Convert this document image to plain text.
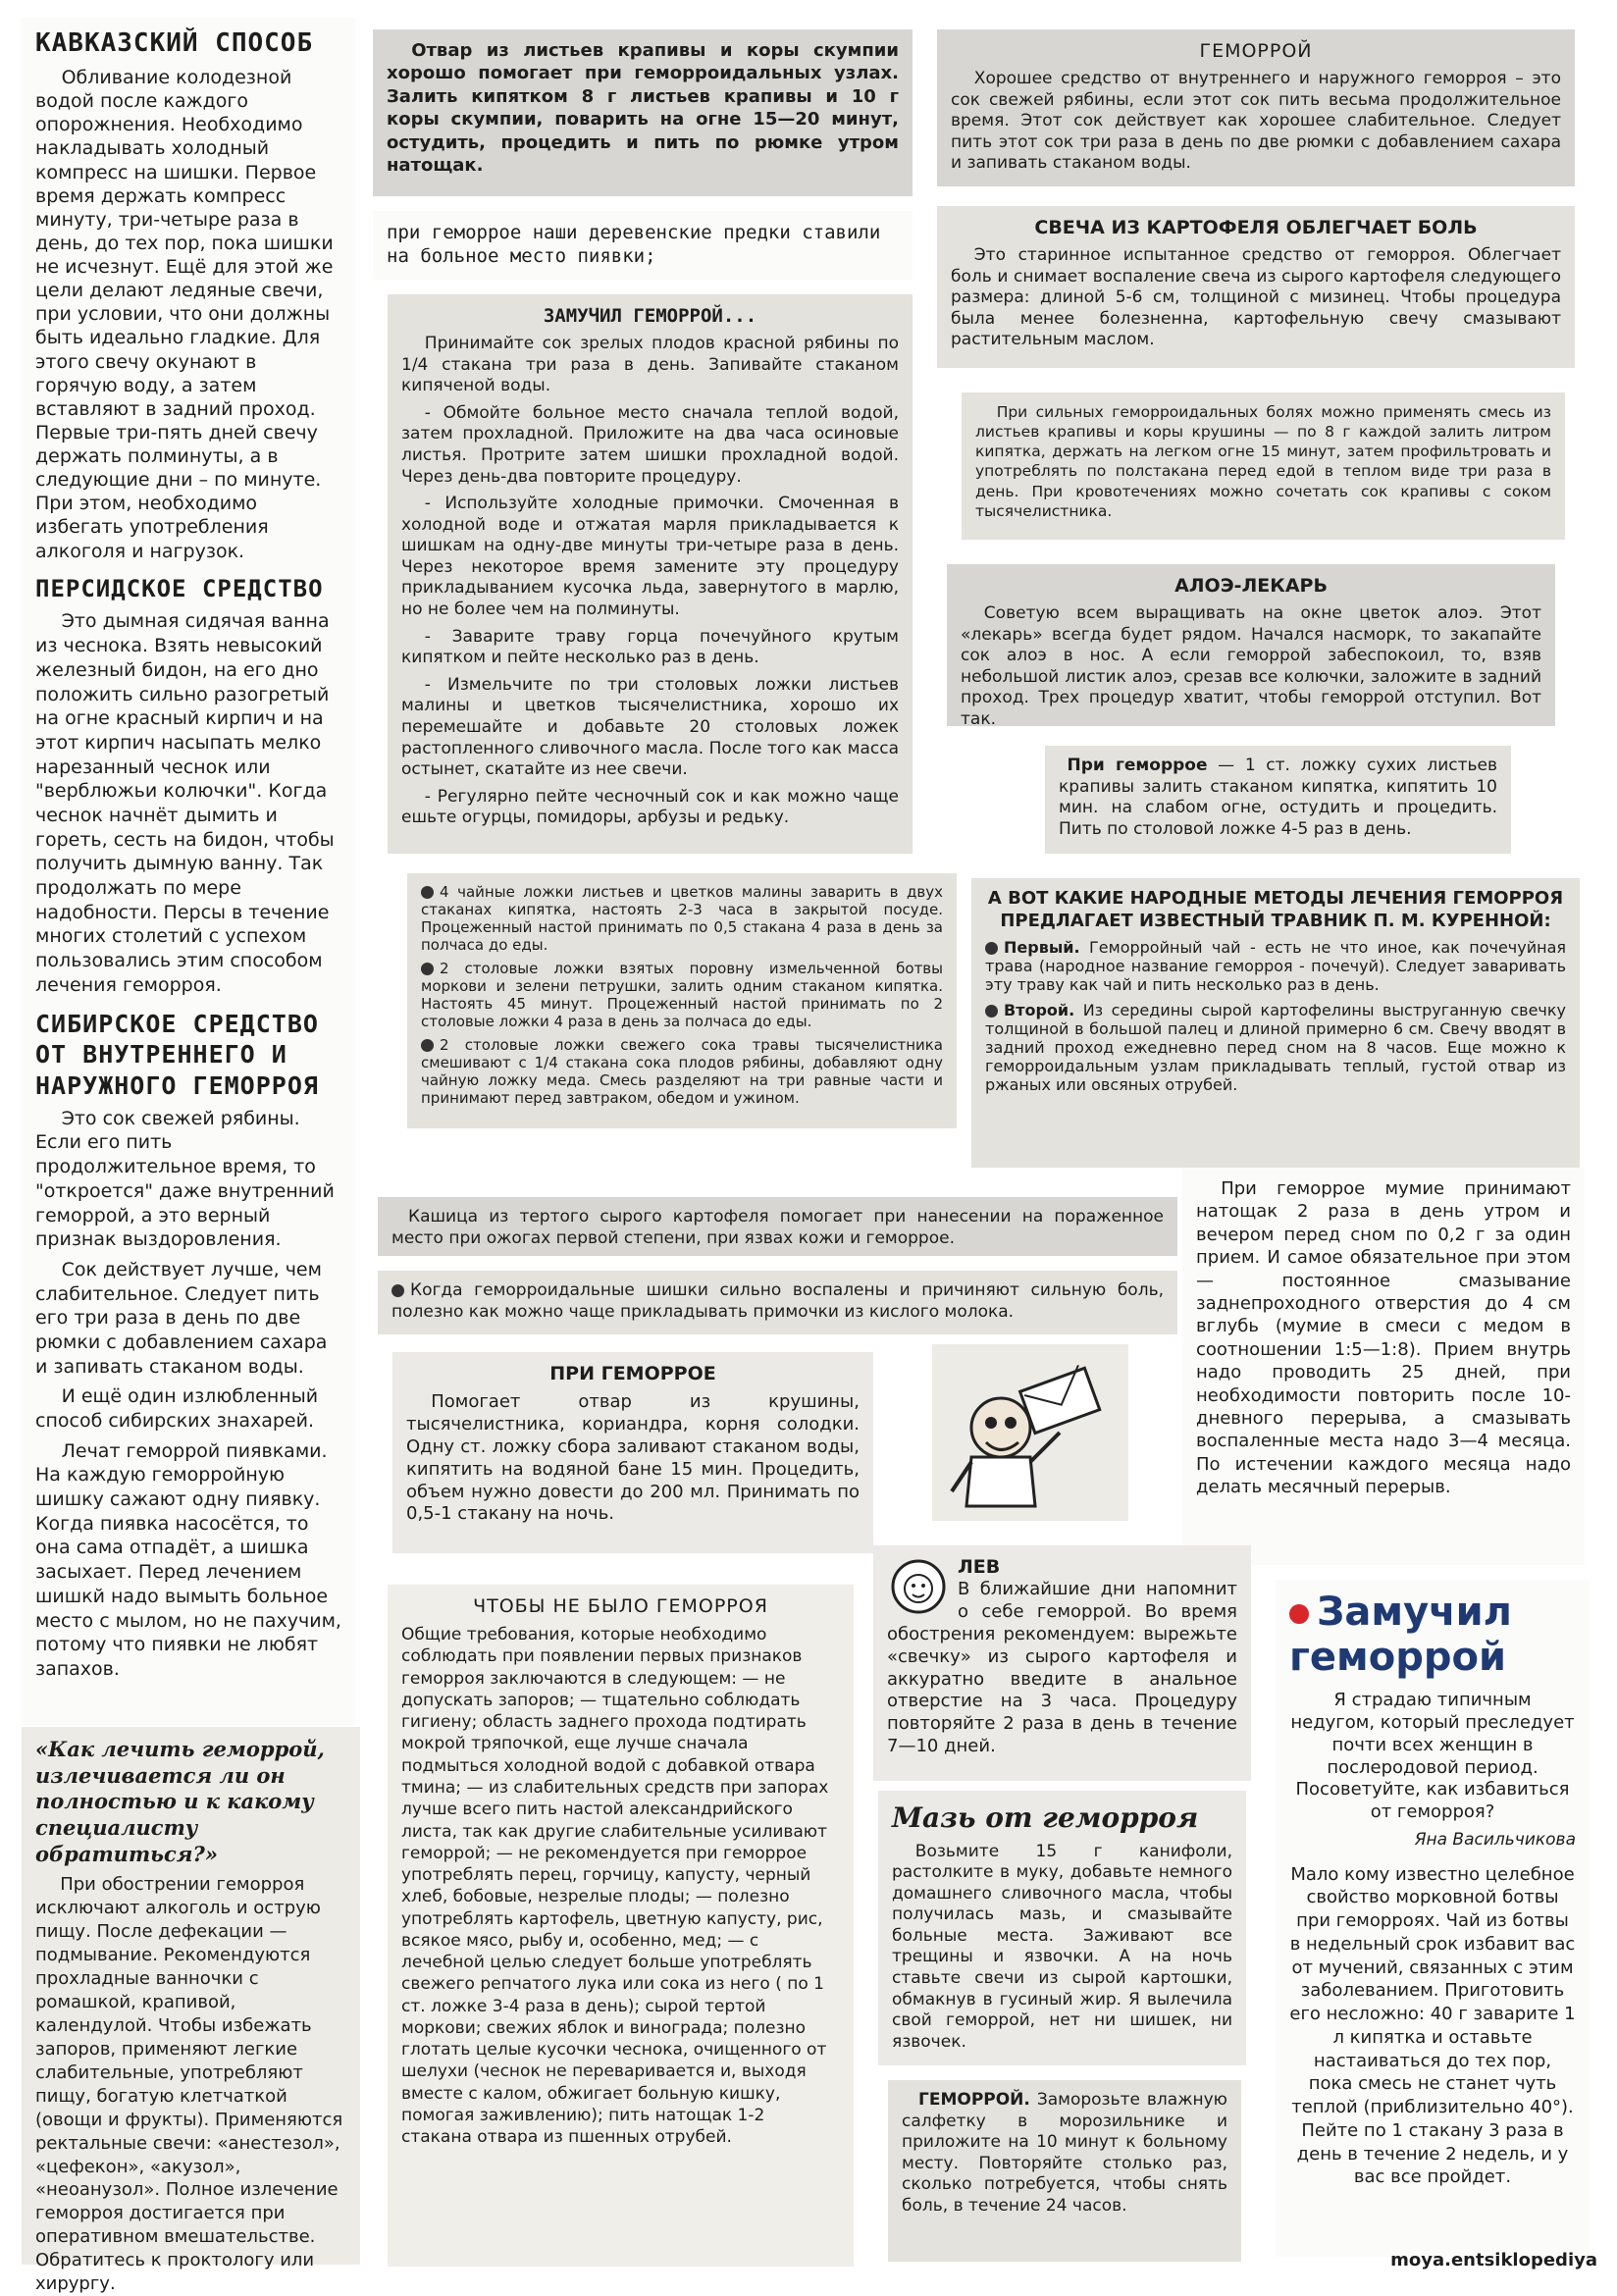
КАВКАЗСКИЙ СПОСОБ

Обливание колодезной водой после каждого опорожнения. Необходимо накладывать холодный компресс на шишки. Первое время держать компресс минуту, три-четыре раза в день, до тех пор, пока шишки не исчезнут. Ещё для этой же цели делают ледяные свечи, при условии, что они должны быть идеально гладкие. Для этого свечу окунают в горячую воду, а затем вставляют в задний проход. Первые три-пять дней свечу держать полминуты, а в следующие дни – по минуте. При этом, необходимо избегать употребления алкоголя и нагрузок.

ПЕРСИДСКОЕ СРЕДСТВО

Это дымная сидячая ванна из чеснока. Взять невысокий железный бидон, на его дно положить сильно разогретый на огне красный кирпич и на этот кирпич насыпать мелко нарезанный чеснок или "верблюжьи колючки". Когда чеснок начнёт дымить и гореть, сесть на бидон, чтобы получить дымную ванну. Так продолжать по мере надобности. Персы в течение многих столетий с успехом пользовались этим способом лечения геморроя.

СИБИРСКОЕ СРЕДСТВО ОТ ВНУТРЕННЕГО И НАРУЖНОГО ГЕМОРРОЯ

Это сок свежей рябины. Если его пить продолжительное время, то "откроется" даже внутренний геморрой, а это верный признак выздоровления.

Сок действует лучше, чем слабительное. Следует пить его три раза в день по две рюмки с добавлением сахара и запивать стаканом воды.

И ещё один излюбленный способ сибирских знахарей.

Лечат геморрой пиявками. На каждую геморройную шишку сажают одну пиявку. Когда пиявка насосётся, то она сама отпадёт, а шишка засыхает. Перед лечением шишкй надо вымыть больное место с мылом, но не пахучим, потому что пиявки не любят запахов.

«Как лечить геморрой, излечивается ли он полностью и к какому специалисту обратиться?»

При обострении геморроя исключают алкоголь и острую пищу. После дефекации — подмывание. Рекомендуются прохладные ванночки с ромашкой, крапивой, календулой. Чтобы избежать запоров, применяют легкие слабительные, употребляют пищу, богатую клетчаткой (овощи и фрукты). Применяются ректальные свечи: «анестезол», «цефекон», «акузол», «неоанузол». Полное излечение геморроя достигается при оперативном вмешательстве. Обратитесь к проктологу или хирургу.

Отвар из листьев крапивы и коры скумпии хорошо помогает при геморроидальных узлах. Залить кипятком 8 г листьев крапивы и 10 г коры скумпии, поварить на огне 15—20 минут, остудить, процедить и пить по рюмке утром натощак.

при геморрое наши деревенские предки ставили на больное место пиявки;

ЗАМУЧИЛ ГЕМОРРОЙ...

Принимайте сок зрелых плодов красной рябины по 1/4 стакана три раза в день. Запивайте стаканом кипяченой воды.

- Обмойте больное место сначала теплой водой, затем прохладной. Приложите на два часа осиновые листья. Протрите затем шишки прохладной водой. Через день-два повторите процедуру.

- Используйте холодные примочки. Смоченная в холодной воде и отжатая марля прикладывается к шишкам на одну-две минуты три-четыре раза в день. Через некоторое время замените эту процедуру прикладыванием кусочка льда, завернутого в марлю, но не более чем на полминуты.

- Заварите траву горца почечуйного крутым кипятком и пейте несколько раз в день.

- Измельчите по три столовых ложки листьев малины и цветков тысячелистника, хорошо их перемешайте и добавьте 20 столовых ложек растопленного сливочного масла. После того как масса остынет, скатайте из нее свечи.

- Регулярно пейте чесночный сок и как можно чаще ешьте огурцы, помидоры, арбузы и редьку.

4 чайные ложки листьев и цветков малины заварить в двух стаканах кипятка, настоять 2-3 часа в закрытой посуде. Процеженный настой принимать по 0,5 стакана 4 раза в день за полчаса до еды.

2 столовые ложки взятых поровну измельченной ботвы моркови и зелени петрушки, залить одним стаканом кипятка. Настоять 45 минут. Процеженный настой принимать по 2 столовые ложки 4 раза в день за полчаса до еды.

2 столовые ложки свежего сока травы тысячелистника смешивают с 1/4 стакана сока плодов рябины, добавляют одну чайную ложку меда. Смесь разделяют на три равные части и принимают перед завтраком, обедом и ужином.

Кашица из тертого сырого картофеля помогает при нанесении на пораженное место при ожогах первой степени, при язвах кожи и геморрое.

Когда геморроидальные шишки сильно воспалены и причиняют сильную боль, полезно как можно чаще прикладывать примочки из кислого молока.

ПРИ ГЕМОРРОЕ

Помогает отвар из крушины, тысячелистника, кориандра, корня солодки. Одну ст. ложку сбора заливают стаканом воды, кипятить на водяной бане 15 мин. Процедить, объем нужно довести до 200 мл. Принимать по 0,5-1 стакану на ночь.

ЧТОБЫ НЕ БЫЛО ГЕМОРРОЯ

Общие требования, которые необходимо соблюдать при появлении первых признаков геморроя заключаются в следующем: — не допускать запоров; — тщательно соблюдать гигиену; область заднего прохода подтирать мокрой тряпочкой, еще лучше сначала подмыться холодной водой с добавкой отвара тмина; — из слабительных средств при запорах лучше всего пить настой александрийского листа, так как другие слабительные усиливают геморрой; — не рекомендуется при геморрое употреблять перец, горчицу, капусту, черный хлеб, бобовые, незрелые плоды; — полезно употреблять картофель, цветную капусту, рис, всякое мясо, рыбу и, особенно, мед; — с лечебной целью следует больше употреблять свежего репчатого лука или сока из него ( по 1 ст. ложке 3-4 раза в день); сырой тертой моркови; свежих яблок и винограда; полезно глотать целые кусочки чеснока, очищенного от шелухи (чеснок не переваривается и, выходя вместе с калом, обжигает больную кишку, помогая заживлению); пить натощак 1-2 стакана отвара из пшенных отрубей.

ГЕМОРРОЙ

Хорошее средство от внутреннего и наружного геморроя – это сок свежей рябины, если этот сок пить весьма продолжительное время. Этот сок действует как хорошее слабительное. Следует пить этот сок три раза в день по две рюмки с добавлением сахара и запивать стаканом воды.

СВЕЧА ИЗ КАРТОФЕЛЯ ОБЛЕГЧАЕТ БОЛЬ

Это старинное испытанное средство от геморроя. Облегчает боль и снимает воспаление свеча из сырого картофеля следующего размера: длиной 5-6 см, толщиной с мизинец. Чтобы процедура была менее болезненна, картофельную свечу смазывают растительным маслом.

При сильных геморроидальных болях можно применять смесь из листьев крапивы и коры крушины — по 8 г каждой залить литром кипятка, держать на легком огне 15 минут, затем профильтровать и употреблять по полстакана перед едой в теплом виде три раза в день. При кровотечениях можно сочетать сок крапивы с соком тысячелистника.

АЛОЭ-ЛЕКАРЬ

Советую всем выращивать на окне цветок алоэ. Этот «лекарь» всегда будет рядом. Начался насморк, то закапайте сок алоэ в нос. А если геморрой забеспокоил, то, взяв небольшой листик алоэ, срезав все колючки, заложите в задний проход. Трех процедур хватит, чтобы геморрой отступил. Вот так.

При геморрое — 1 ст. ложку сухих листьев крапивы залить стаканом кипятка, кипятить 10 мин. на слабом огне, остудить и процедить. Пить по столовой ложке 4-5 раз в день.

А ВОТ КАКИЕ НАРОДНЫЕ МЕТОДЫ ЛЕЧЕНИЯ ГЕМОРРОЯ ПРЕДЛАГАЕТ ИЗВЕСТНЫЙ ТРАВНИК П. М. КУРЕННОЙ:

Первый. Геморройный чай - есть не что иное, как почечуйная трава (народное название геморроя - почечуй). Следует заваривать эту траву как чай и пить несколько раз в день.

Второй. Из середины сырой картофелины выструганную свечку толщиной в большой палец и длиной примерно 6 см. Свечу вводят в задний проход ежедневно перед сном на 8 часов. Еще можно к геморроидальным узлам прикладывать теплый, густой отвар из ржаных или овсяных отрубей.

При геморрое мумие принимают натощак 2 раза в день утром и вечером перед сном по 0,2 г за один прием. И самое обязательное при этом — постоянное смазывание заднепроходного отверстия до 4 см вглубь (мумие в смеси с медом в соотношении 1:5—1:8). Прием внутрь надо проводить 25 дней, при необходимости повторить после 10-дневного перерыва, а смазывать воспаленные места надо 3—4 месяца. По истечении каждого месяца надо делать месячный перерыв.

ЛЕВ

В ближайшие дни напомнит о себе геморрой. Во время обострения рекомендуем: вырежьте «свечку» из сырого картофеля и аккуратно введите в анальное отверстие на 3 часа. Процедуру повторяйте 2 раза в день в течение 7—10 дней.

Мазь от геморроя

Возьмите 15 г канифоли, растолките в муку, добавьте немного домашнего сливочного масла, чтобы получилась мазь, и смазывайте больные места. Заживают все трещины и язвочки. А на ночь ставьте свечи из сырой картошки, обмакнув в гусиный жир. Я вылечила свой геморрой, нет ни шишек, ни язвочек.

ГЕМОРРОЙ. Заморозьте влажную салфетку в морозильнике и приложите на 10 минут к больному месту. Повторяйте столько раз, сколько потребуется, чтобы снять боль, в течение 24 часов.

Замучил геморрой

Я страдаю типичным недугом, который преследует почти всех женщин в послеродовой период. Посоветуйте, как избавиться от геморроя?

Яна Васильчикова

Мало кому известно целебное свойство морковной ботвы при геморроях. Чай из ботвы в недельный срок избавит вас от мучений, связанных с этим заболеванием. Приготовить его несложно: 40 г заварите 1 л кипятка и оставьте настаиваться до тех пор, пока смесь не станет чуть теплой (приблизительно 40°). Пейте по 1 стакану 3 раза в день в течение 2 недель, и у вас все пройдет.

moya.entsiklopediya
